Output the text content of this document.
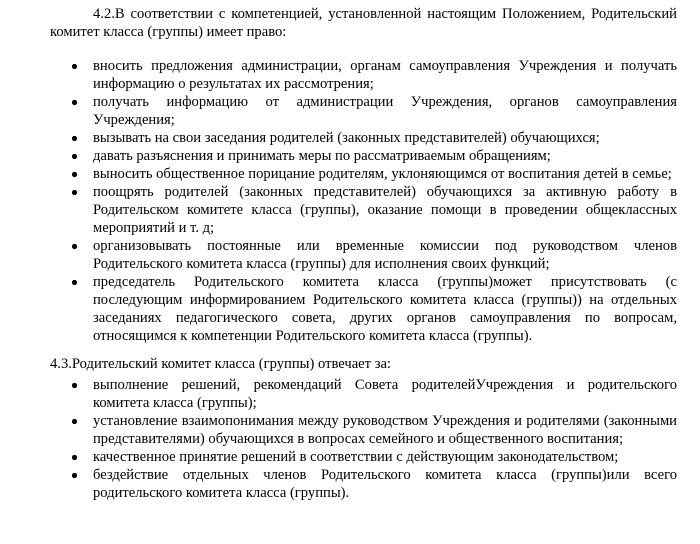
4.2.В соответствии с компетенцией, установленной настоящим Положением, Родительский комитет класса (группы) имеет право:

вносить предложения администрации, органам самоуправления Учреждения и получать информацию о результатах их рассмотрения;
получать информацию от администрации Учреждения, органов самоуправления Учреждения;
вызывать на свои заседания родителей (законных представителей) обучающихся;
давать разъяснения и принимать меры по рассматриваемым обращениям;
выносить общественное порицание родителям, уклоняющимся от воспитания детей в семье;
поощрять родителей (законных представителей) обучающихся за активную работу в Родительском комитете класса (группы), оказание помощи в проведении общеклассных мероприятий и т. д;
организовывать постоянные или временные комиссии под руководством членов Родительского комитета класса (группы) для исполнения своих функций;
председатель Родительского комитета класса (группы)может присутствовать (с последующим информированием Родительского комитета класса (группы)) на отдельных заседаниях педагогического совета, других органов самоуправления по вопросам, относящимся к компетенции Родительского комитета класса (группы).

4.3.Родительский комитет класса (группы) отвечает за:

выполнение решений, рекомендаций Совета родителейУчреждения и родительского комитета класса (группы);
установление взаимопонимания между руководством Учреждения и родителями (законными представителями) обучающихся в вопросах семейного и общественного воспитания;
качественное принятие решений в соответствии с действующим законодательством;
бездействие отдельных членов Родительского комитета класса (группы)или всего родительского комитета класса (группы).
